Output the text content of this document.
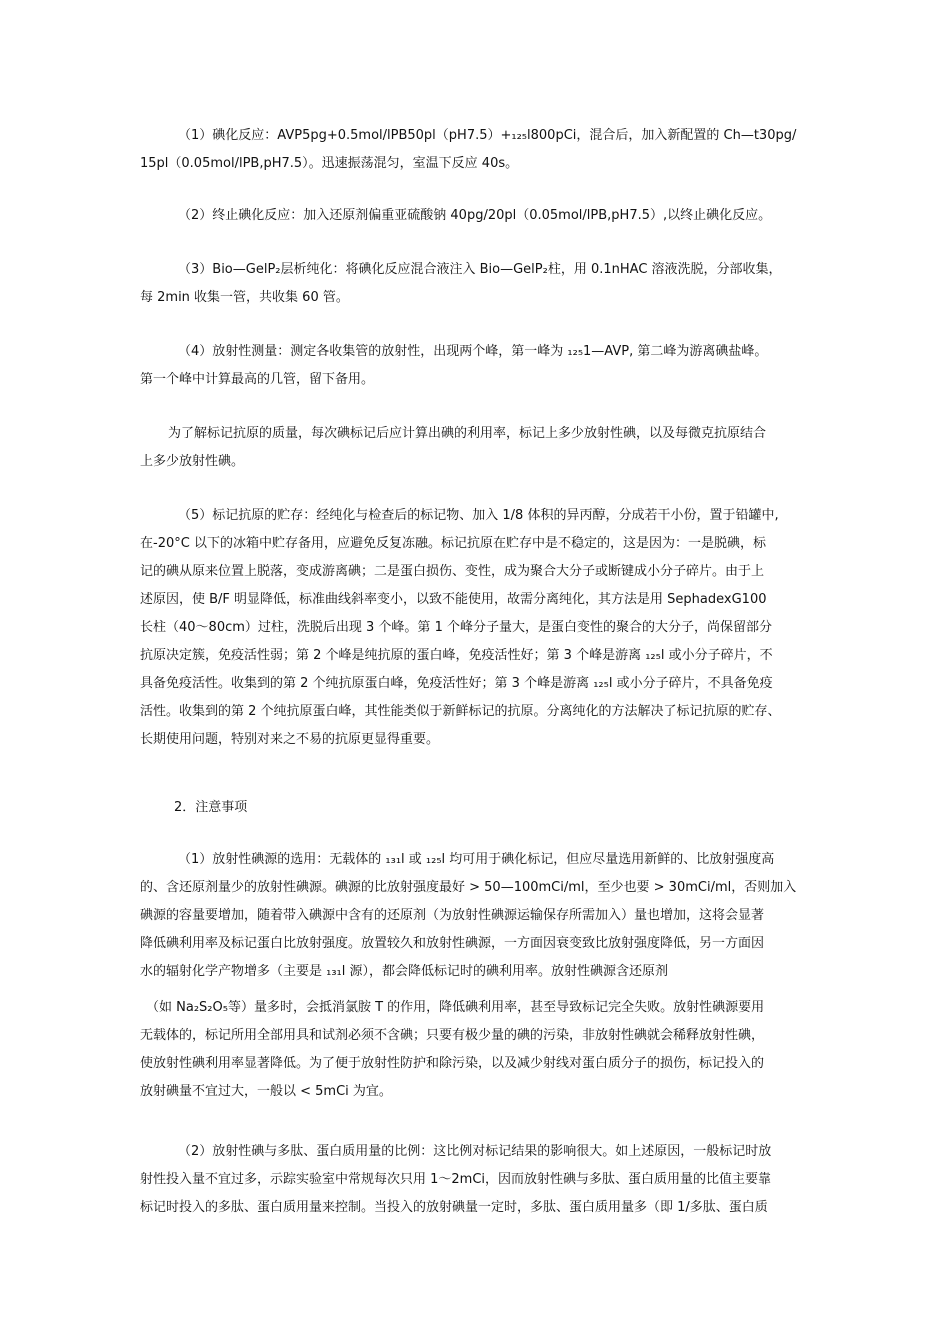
（1）碘化反应：AVP5pg+0.5mol/lPB50pl（pH7.5）+₁₂₅l800pCi，混合后，加入新配置的 Ch—t30pg/
15pl（0.05mol/lPB,pH7.5）。迅速振荡混匀，室温下反应 40s。
（2）终止碘化反应：加入还原剂偏重亚硫酸钠 40pg/20pl（0.05mol/lPB,pH7.5）,以终止碘化反应。
（3）Bio—GelP₂层析纯化：将碘化反应混合液注入 Bio—GelP₂柱，用 0.1nHAC 溶液洗脱，分部收集，
每 2min 收集一管，共收集 60 管。
（4）放射性测量：测定各收集管的放射性，出现两个峰，第一峰为 ₁₂₅1—AVP, 第二峰为游离碘盐峰。
第一个峰中计算最高的几管，留下备用。
为了解标记抗原的质量，每次碘标记后应计算出碘的利用率，标记上多少放射性碘，以及每微克抗原结合
上多少放射性碘。
（5）标记抗原的贮存：经纯化与检查后的标记物、加入 1/8 体积的异丙醇，分成若干小份，置于铅罐中,
在-20°C 以下的冰箱中贮存备用，应避免反复冻融。标记抗原在贮存中是不稳定的，这是因为：一是脱碘，标
记的碘从原来位置上脱落，变成游离碘；二是蛋白损伤、变性，成为聚合大分子或断键成小分子碎片。由于上
述原因，使 B/F 明显降低，标准曲线斜率变小，以致不能使用，故需分离纯化，其方法是用 SephadexG100
长柱（40～80cm）过柱，洗脱后出现 3 个峰。第 1 个峰分子量大，是蛋白变性的聚合的大分子，尚保留部分
抗原决定簇，免疫活性弱；第 2 个峰是纯抗原的蛋白峰，免疫活性好；第 3 个峰是游离 ₁₂₅l 或小分子碎片，不
具备免疫活性。收集到的第 2 个纯抗原蛋白峰，免疫活性好；第 3 个峰是游离 ₁₂₅l 或小分子碎片，不具备免疫
活性。收集到的第 2 个纯抗原蛋白峰，其性能类似于新鲜标记的抗原。分离纯化的方法解决了标记抗原的贮存、
长期使用问题，特别对来之不易的抗原更显得重要。
2．注意事项
（1）放射性碘源的选用：无载体的 ₁₃₁l 或 ₁₂₅l 均可用于碘化标记，但应尽量选用新鲜的、比放射强度高
的、含还原剂量少的放射性碘源。碘源的比放射强度最好 > 50—100mCi/ml，至少也要 > 30mCi/ml，否则加入
碘源的容量要增加，随着带入碘源中含有的还原剂（为放射性碘源运输保存所需加入）量也增加，这将会显著
降低碘利用率及标记蛋白比放射强度。放置较久和放射性碘源，一方面因衰变致比放射强度降低，另一方面因
水的辐射化学产物增多（主要是 ₁₃₁l 源），都会降低标记时的碘利用率。放射性碘源含还原剂
（如 Na₂S₂O₅等）量多时，会抵消氯胺 T 的作用，降低碘利用率，甚至导致标记完全失败。放射性碘源要用
无载体的，标记所用全部用具和试剂必须不含碘；只要有极少量的碘的污染，非放射性碘就会稀释放射性碘，
使放射性碘利用率显著降低。为了便于放射性防护和除污染，以及减少射线对蛋白质分子的损伤，标记投入的
放射碘量不宜过大，一般以 < 5mCi 为宜。
（2）放射性碘与多肽、蛋白质用量的比例：这比例对标记结果的影响很大。如上述原因，一般标记时放
射性投入量不宜过多，示踪实验室中常规每次只用 1～2mCi，因而放射性碘与多肽、蛋白质用量的比值主要靠
标记时投入的多肽、蛋白质用量来控制。当投入的放射碘量一定时，多肽、蛋白质用量多（即 1/多肽、蛋白质
